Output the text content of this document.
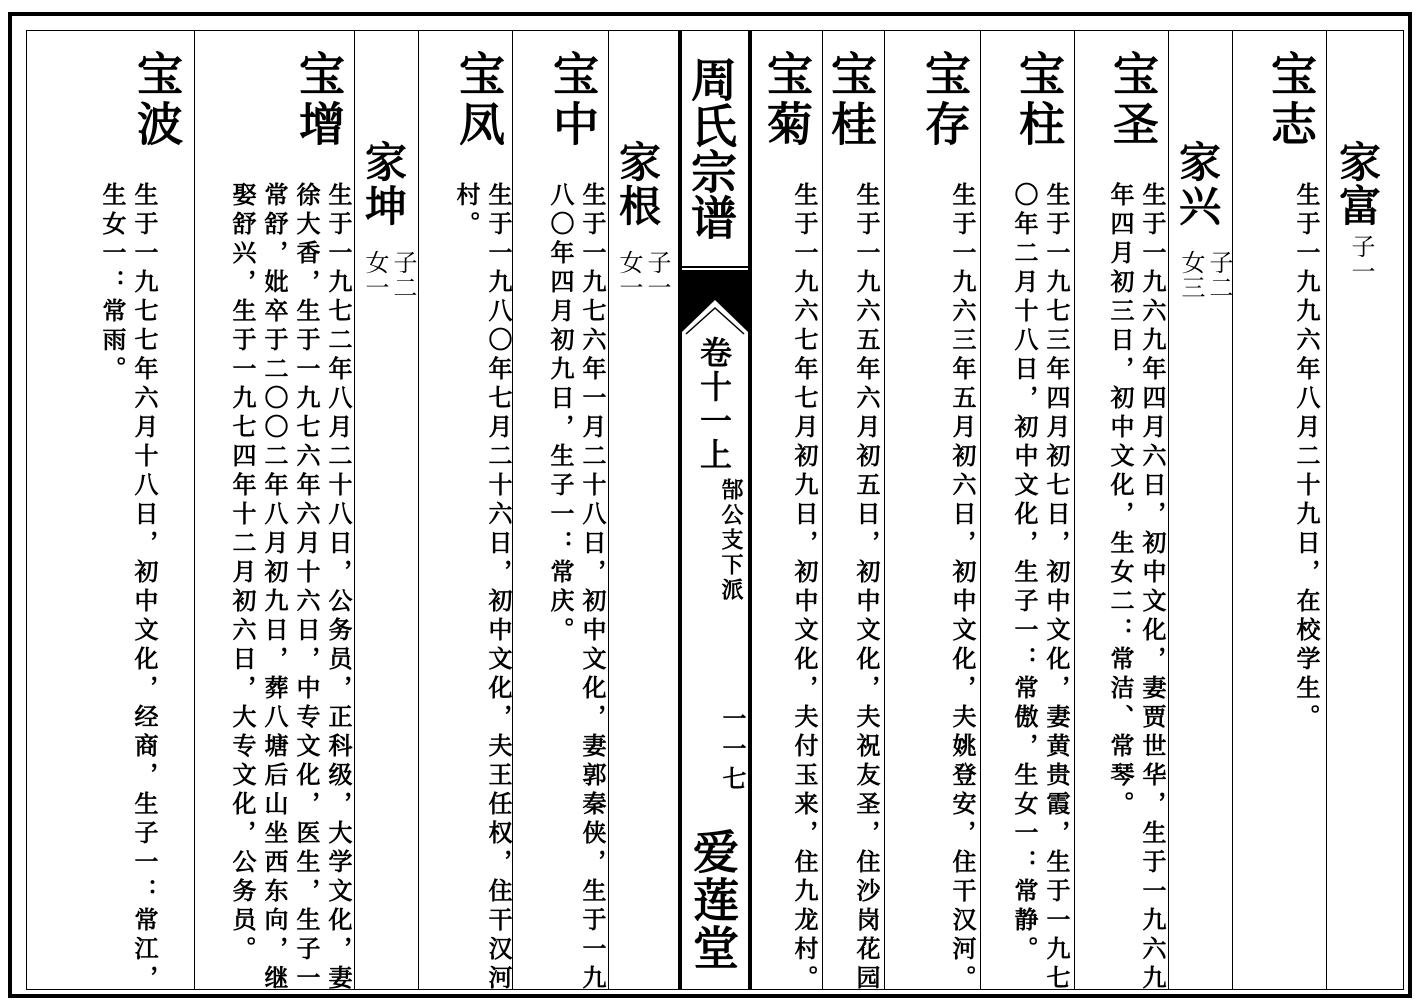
宝志
家富
子一
生于一九九六年八月二十九日，在校学生。
家兴
子二
女三
宝圣
生于一九六九年四月六日，初中文化，妻贾世华，生于一九六九年四月初三日，初中文化，生女二：常洁、常琴。
宝柱
生于一九七三年四月初七日，初中文化，妻黄贵霞，生于一九七〇年二月十八日，初中文化，生子一：常傲，生女一：常静。
宝存
生于一九六三年五月初六日，初中文化，夫姚登安，住干汉河。
宝桂
生于一九六五年六月初五日，初中文化，夫祝友圣，住沙岗花园
宝菊
生于一九六七年七月初九日，初中文化，夫付玉来，住九龙村。
周氏宗谱
卷十一上
郜公支下派
一一七
爱莲堂
家根
子一
女一
宝中
生于一九七六年一月二十八日，初中文化，妻郭秦侠，生于一九八〇年四月初九日，生子一：常庆。
宝凤
生于一九八〇年七月二十六日，初中文化，夫王任权，住干汉河村。
家坤
子二
女一
宝增
生于一九七二年八月二十八日，公务员，正科级，大学文化，妻徐大香，生于一九七六年六月十六日，中专文化，医生，生子一常舒，妣卒于二〇〇二年八月初九日，葬八塘后山坐西东向，继娶舒兴，生于一九七四年十二月初六日，大专文化，公务员。
宝波
生于一九七七年六月十八日，初中文化，经商，生子一：常江，生女一：常雨。
